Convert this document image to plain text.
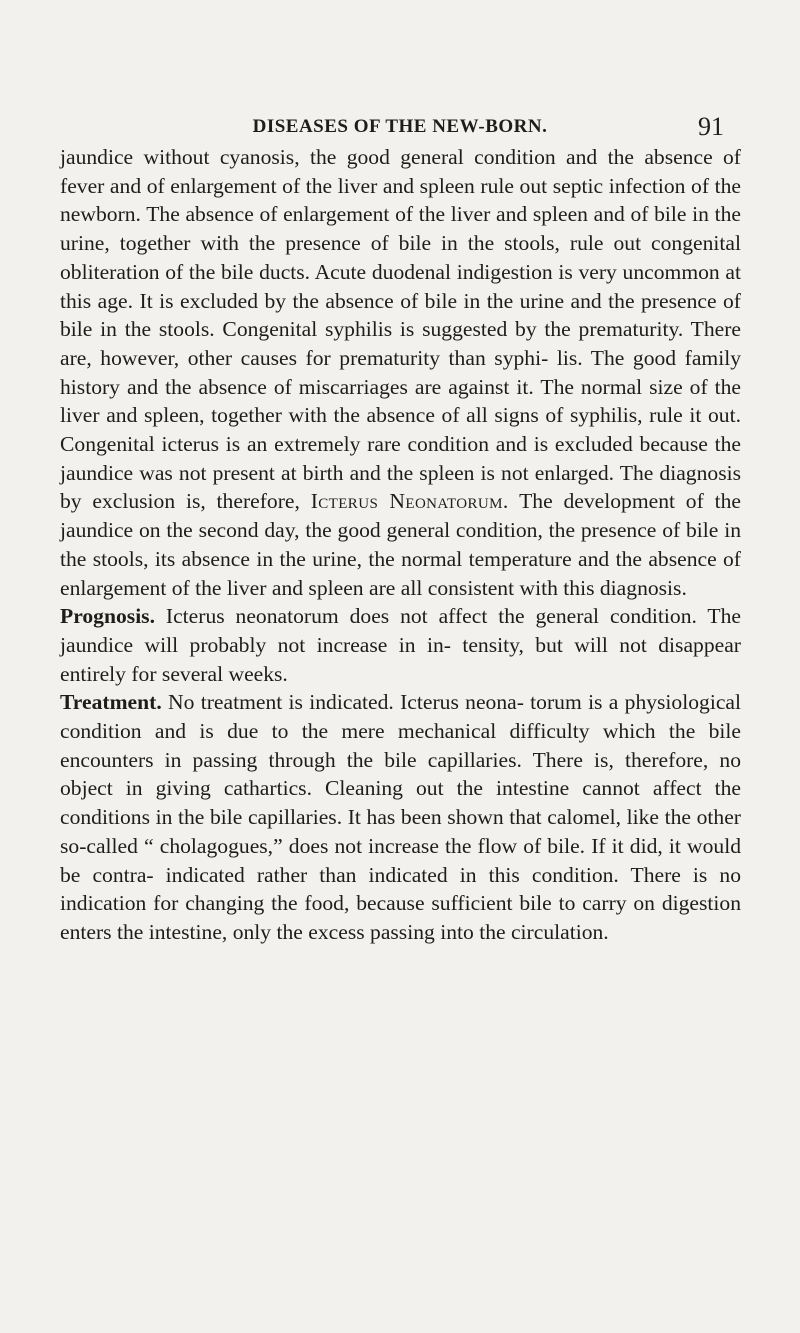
DISEASES OF THE NEW-BORN.	91

jaundice without cyanosis, the good general condition and the absence of fever and of enlargement of the liver and spleen rule out septic infection of the newborn. The absence of enlargement of the liver and spleen and of bile in the urine, together with the presence of bile in the stools, rule out congenital obliteration of the bile ducts. Acute duodenal indigestion is very uncommon at this age. It is excluded by the absence of bile in the urine and the presence of bile in the stools. Congenital syphilis is suggested by the prematurity. There are, however, other causes for prematurity than syphi- lis. The good family history and the absence of miscarriages are against it. The normal size of the liver and spleen, together with the absence of all signs of syphilis, rule it out. Congenital icterus is an extremely rare condition and is excluded because the jaundice was not present at birth and the spleen is not enlarged. The diagnosis by exclusion is, therefore, Icterus Neonatorum. The development of the jaundice on the second day, the good general condition, the presence of bile in the stools, its absence in the urine, the normal temperature and the absence of enlargement of the liver and spleen are all consistent with this diagnosis.

Prognosis. Icterus neonatorum does not affect the general condition. The jaundice will probably not increase in in- tensity, but will not disappear entirely for several weeks.

Treatment. No treatment is indicated. Icterus neona- torum is a physiological condition and is due to the mere mechanical difficulty which the bile encounters in passing through the bile capillaries. There is, therefore, no object in giving cathartics. Cleaning out the intestine cannot affect the conditions in the bile capillaries. It has been shown that calomel, like the other so-called “ cholagogues,” does not increase the flow of bile. If it did, it would be contra- indicated rather than indicated in this condition. There is no indication for changing the food, because sufficient bile to carry on digestion enters the intestine, only the excess passing into the circulation.
